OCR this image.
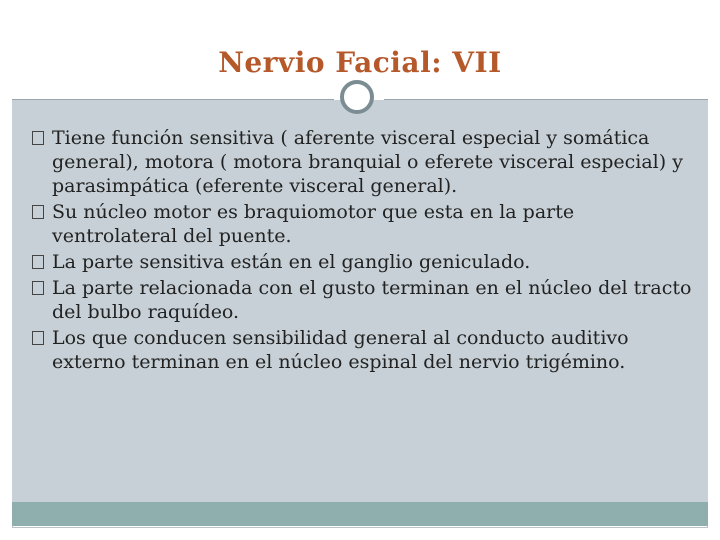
Nervio Facial: VII
Tiene función sensitiva ( aferente visceral especial y somática general), motora ( motora branquial o eferete visceral especial) y parasimpática (eferente visceral general).
Su núcleo motor es braquiomotor que esta en la parte ventrolateral del puente.
La parte sensitiva están en el ganglio geniculado.
La parte relacionada con el gusto terminan en el núcleo del tracto del bulbo raquídeo.
Los que conducen sensibilidad general al conducto auditivo externo terminan en el núcleo espinal del nervio trigémino.
